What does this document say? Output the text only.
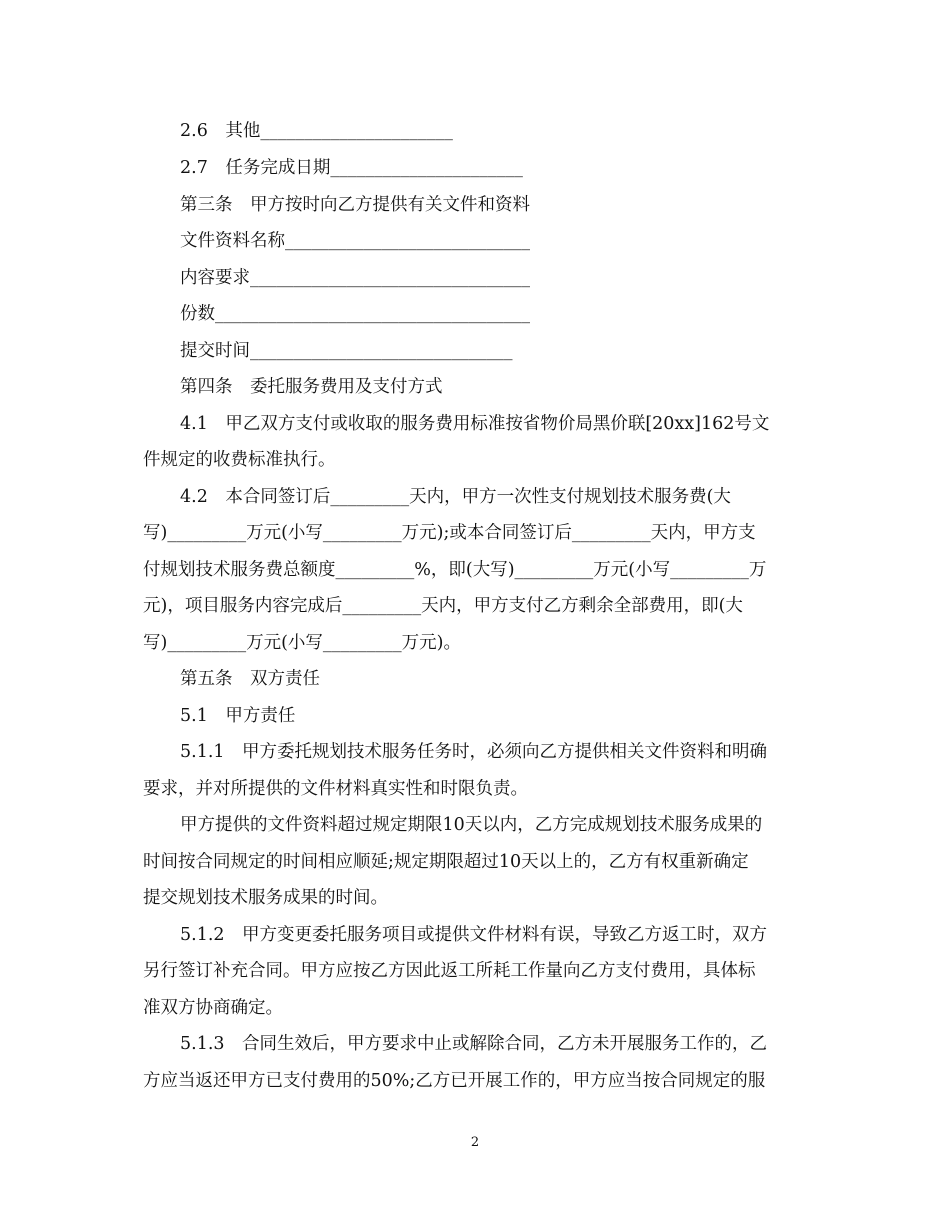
2.6　其他______________________
2.7　任务完成日期______________________
第三条　甲方按时向乙方提供有关文件和资料
文件资料名称____________________________
内容要求________________________________
份数____________________________________
提交时间______________________________
第四条　委托服务费用及支付方式
4.1　甲乙双方支付或收取的服务费用标准按省物价局黑价联[20xx]162号文
件规定的收费标准执行。
4.2　本合同签订后_________天内，甲方一次性支付规划技术服务费(大
写)_________万元(小写_________万元);或本合同签订后_________天内，甲方支
付规划技术服务费总额度_________%，即(大写)_________万元(小写_________万
元)，项目服务内容完成后_________天内，甲方支付乙方剩余全部费用，即(大
写)_________万元(小写_________万元)。
第五条　双方责任
5.1　甲方责任
5.1.1　甲方委托规划技术服务任务时，必须向乙方提供相关文件资料和明确
要求，并对所提供的文件材料真实性和时限负责。
甲方提供的文件资料超过规定期限10天以内，乙方完成规划技术服务成果的
时间按合同规定的时间相应顺延;规定期限超过10天以上的，乙方有权重新确定
提交规划技术服务成果的时间。
5.1.2　甲方变更委托服务项目或提供文件材料有误，导致乙方返工时，双方
另行签订补充合同。甲方应按乙方因此返工所耗工作量向乙方支付费用，具体标
准双方协商确定。
5.1.3　合同生效后，甲方要求中止或解除合同，乙方未开展服务工作的，乙
方应当返还甲方已支付费用的50%;乙方已开展工作的，甲方应当按合同规定的服
2
